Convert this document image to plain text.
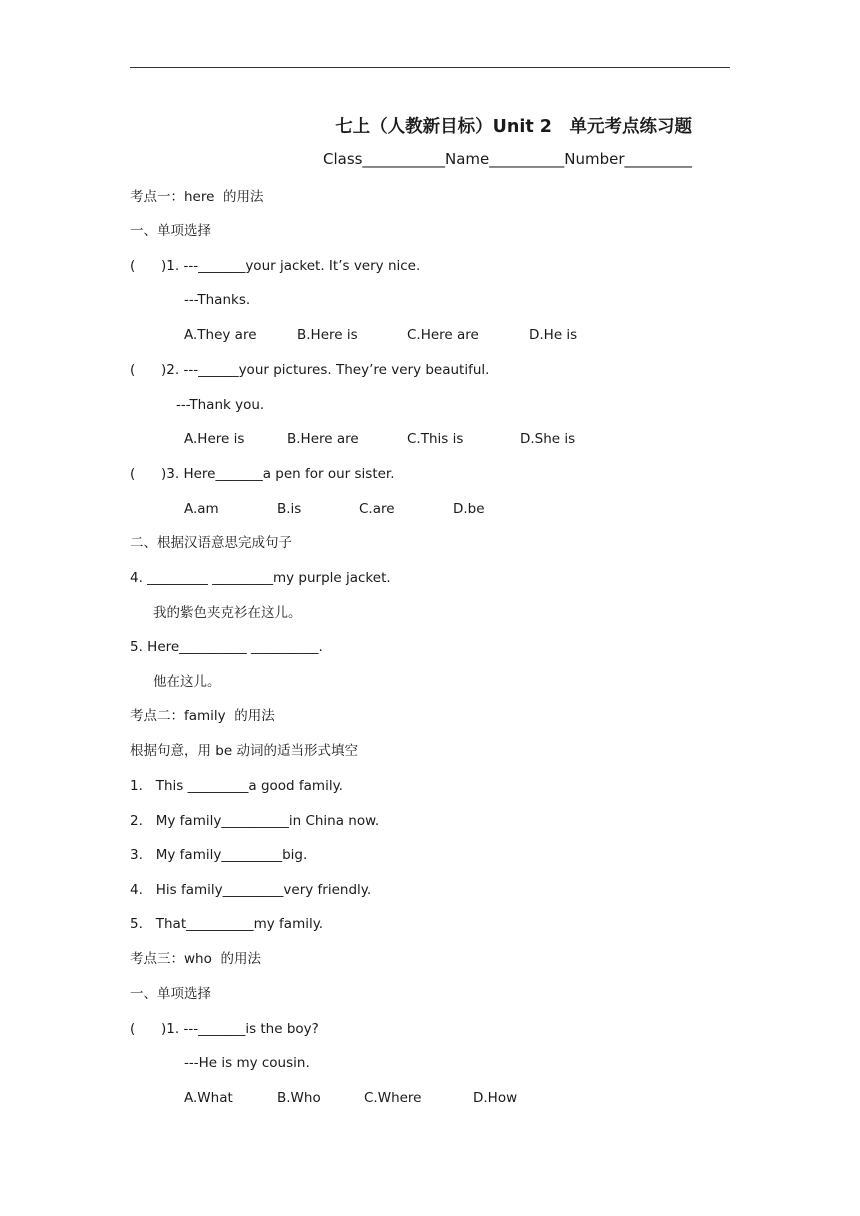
七上（人教新目标）Unit 2　单元考点练习题
Class___________Name__________Number_________
考点一：here  的用法
一、单项选择
(      )1. ---_______your jacket. It’s very nice.
---Thanks.
A.They are	B.Here is	C.Here are	D.He is
(      )2. ---______your pictures. They’re very beautiful.
---Thank you.
A.Here is	B.Here are	C.This is	D.She is
(      )3. Here_______a pen for our sister.
A.am	B.is	C.are	D.be
二、根据汉语意思完成句子
4. _________ _________my purple jacket.
我的紫色夹克衫在这儿。
5. Here__________ __________.
他在这儿。
考点二：family  的用法
根据句意，用 be 动词的适当形式填空
1.   This _________a good family.
2.   My family__________in China now.
3.   My family_________big.
4.   His family_________very friendly.
5.   That__________my family.
考点三：who  的用法
一、单项选择
(      )1. ---_______is the boy?
---He is my cousin.
A.What	B.Who	C.Where	D.How
